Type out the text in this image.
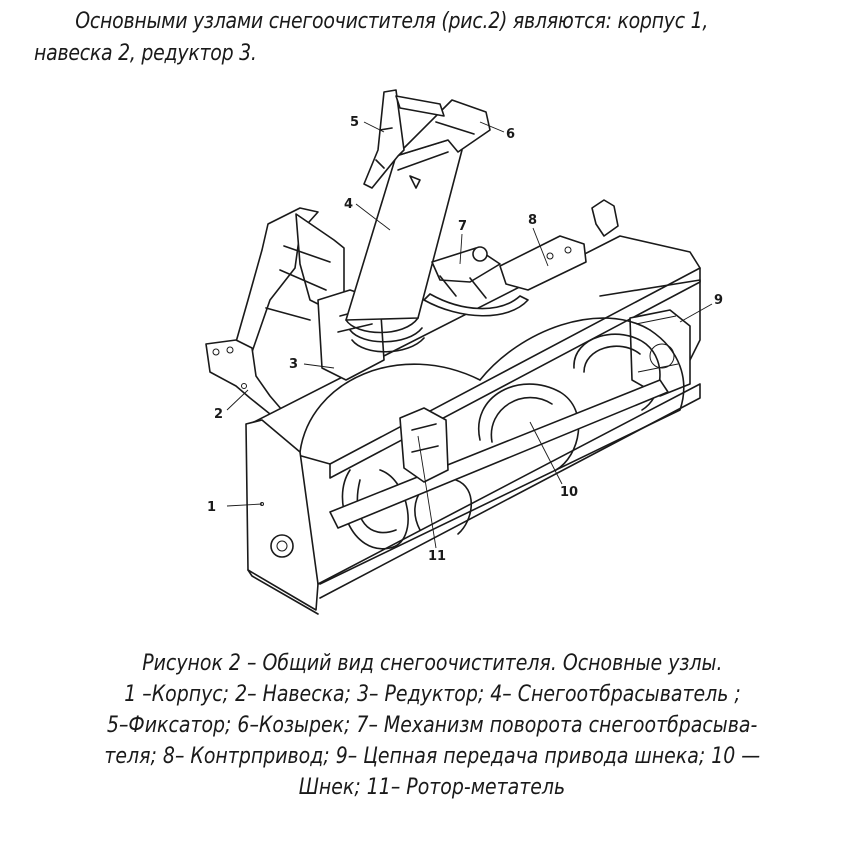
Основными узлами снегоочистителя (рис.2) являются: корпус 1,
навеска 2, редуктор 3.
1
2
3
4
5
6
7	8
9
10
11
Рисунок 2 – Общий вид снегоочистителя. Основные узлы.
1 –Корпус; 2– Навеска; 3– Редуктор; 4– Снегоотбрасыватель ;
5–Фиксатор; 6–Козырек; 7– Механизм поворота снегоотбрасыва-
теля; 8– Контрпривод; 9– Цепная передача привода шнека; 10 —
Шнек; 11– Ротор-метатель
